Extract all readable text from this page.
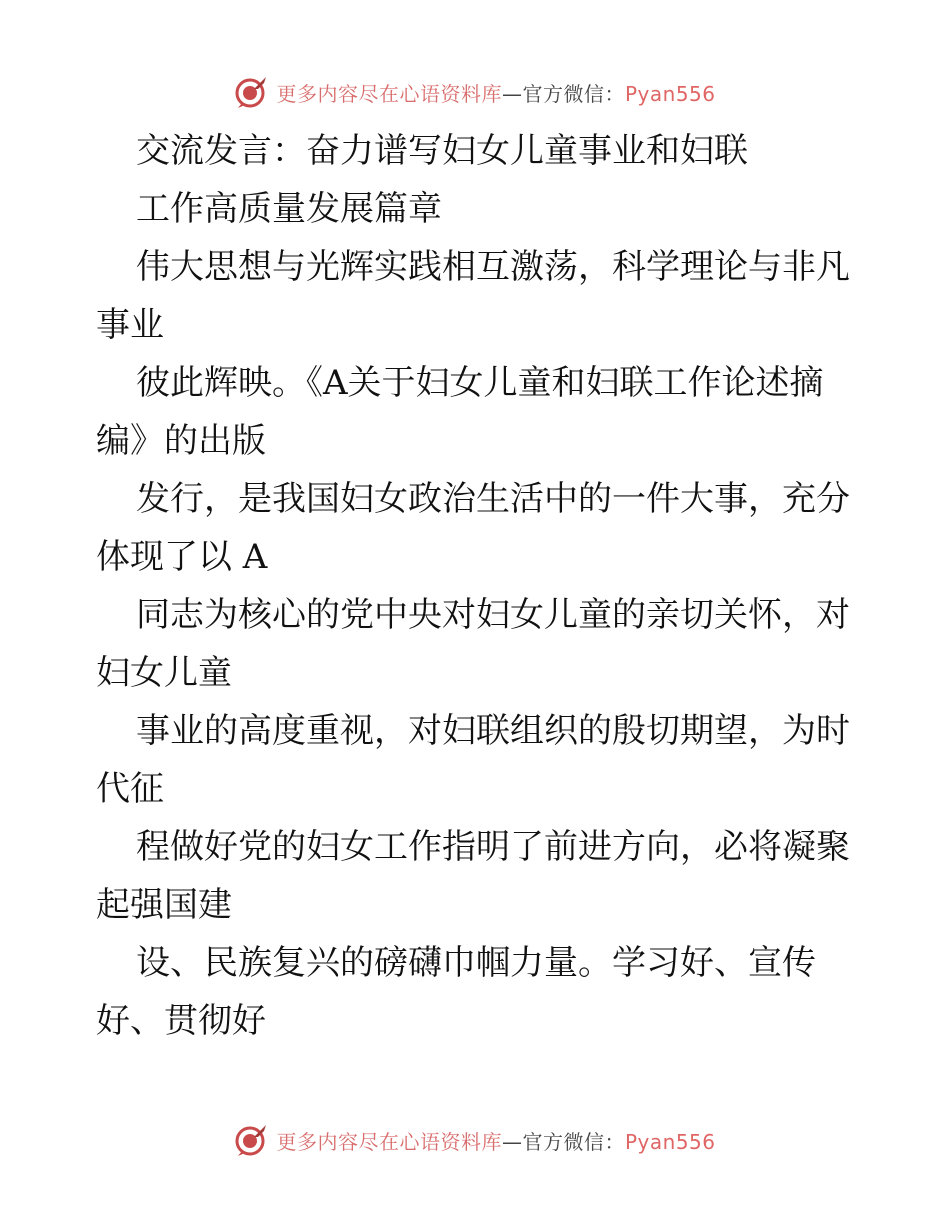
更多内容尽在心语资料库—官方微信：Pyan556
交流发言：奋力谱写妇女儿童事业和妇联
工作高质量发展篇章
伟大思想与光辉实践相互激荡，科学理论与非凡
事业
彼此辉映。《A关于妇女儿童和妇联工作论述摘
编》的出版
发行，是我国妇女政治生活中的一件大事，充分
体现了以 A
同志为核心的党中央对妇女儿童的亲切关怀，对
妇女儿童
事业的高度重视，对妇联组织的殷切期望，为时
代征
程做好党的妇女工作指明了前进方向，必将凝聚
起强国建
设、民族复兴的磅礴巾帼力量。学习好、宣传
好、贯彻好
更多内容尽在心语资料库—官方微信：Pyan556
